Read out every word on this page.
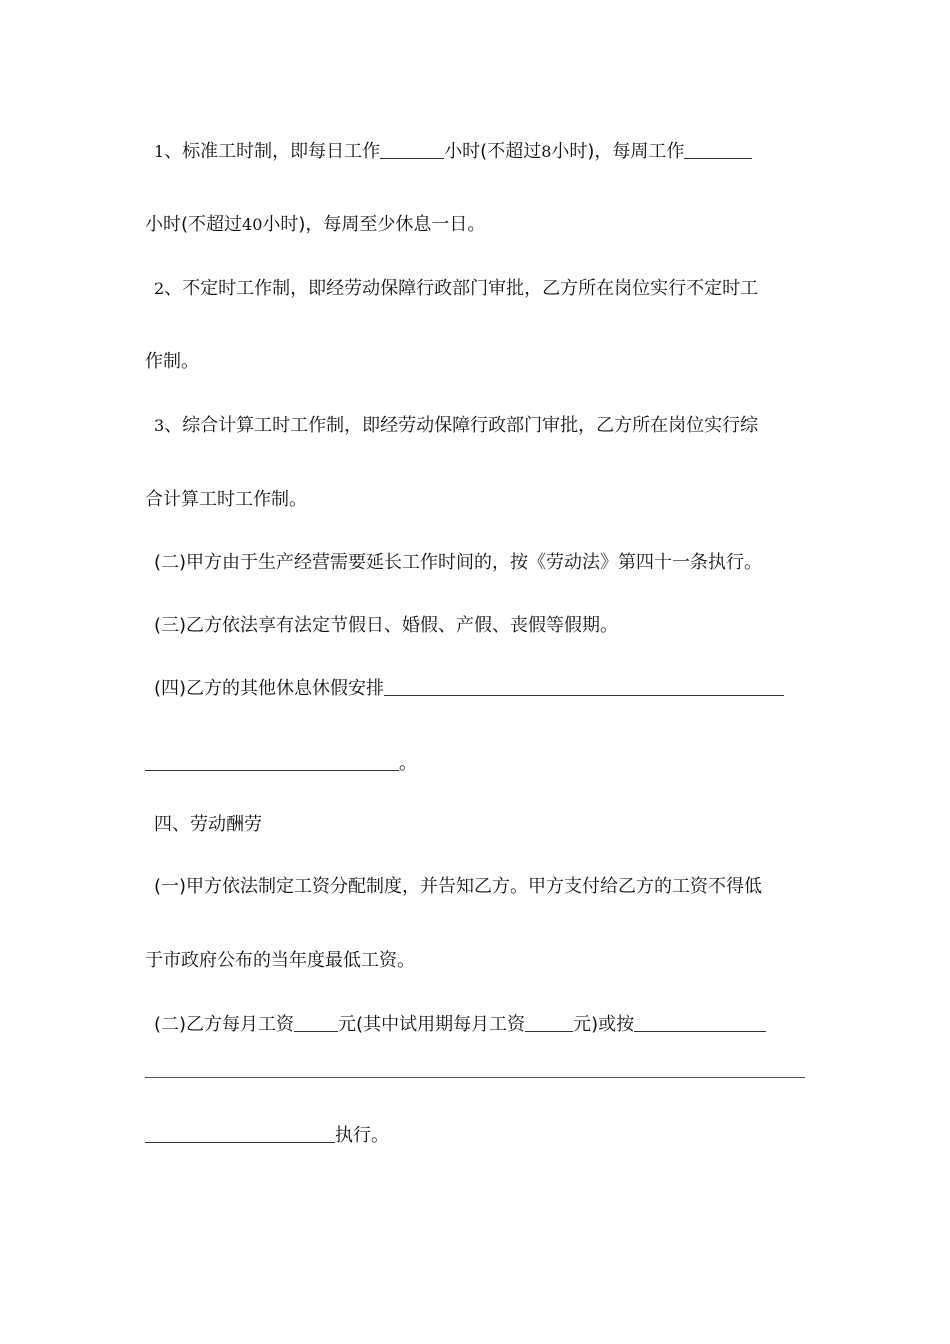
1、标准工时制，即每日工作	小时(不超过8小时)，每周工作
小时(不超过40小时)，每周至少休息一日。
2、不定时工作制，即经劳动保障行政部门审批，乙方所在岗位实行不定时工
作制。
3、综合计算工时工作制，即经劳动保障行政部门审批，乙方所在岗位实行综
合计算工时工作制。
(二)甲方由于生产经营需要延长工作时间的，按《劳动法》第四十一条执行。
(三)乙方依法享有法定节假日、婚假、产假、丧假等假期。
(四)乙方的其他休息休假安排
。
四、劳动酬劳
(一)甲方依法制定工资分配制度，并告知乙方。甲方支付给乙方的工资不得低
于市政府公布的当年度最低工资。
(二)乙方每月工资 元(其中试用期每月工资	元)或按
执行。
